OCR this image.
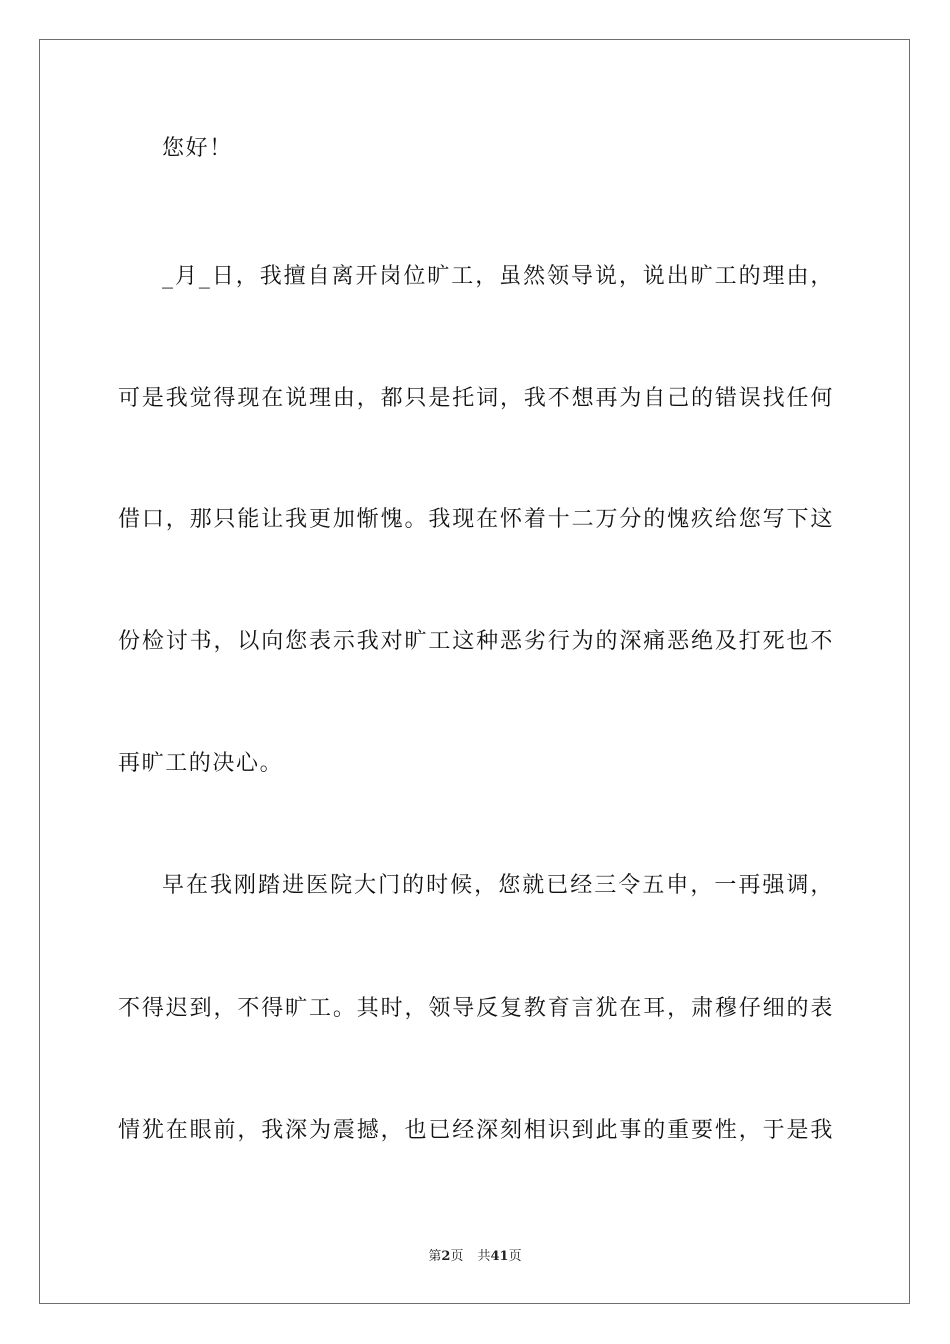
您好！
_月_日，我擅自离开岗位旷工，虽然领导说，说出旷工的理由，
可是我觉得现在说理由，都只是托词，我不想再为自己的错误找任何
借口，那只能让我更加惭愧。我现在怀着十二万分的愧疚给您写下这
份检讨书，以向您表示我对旷工这种恶劣行为的深痛恶绝及打死也不
再旷工的决心。
早在我刚踏进医院大门的时候，您就已经三令五申，一再强调，
不得迟到，不得旷工。其时，领导反复教育言犹在耳，肃穆仔细的表
情犹在眼前，我深为震撼，也已经深刻相识到此事的重要性，于是我
第2页 共41页
